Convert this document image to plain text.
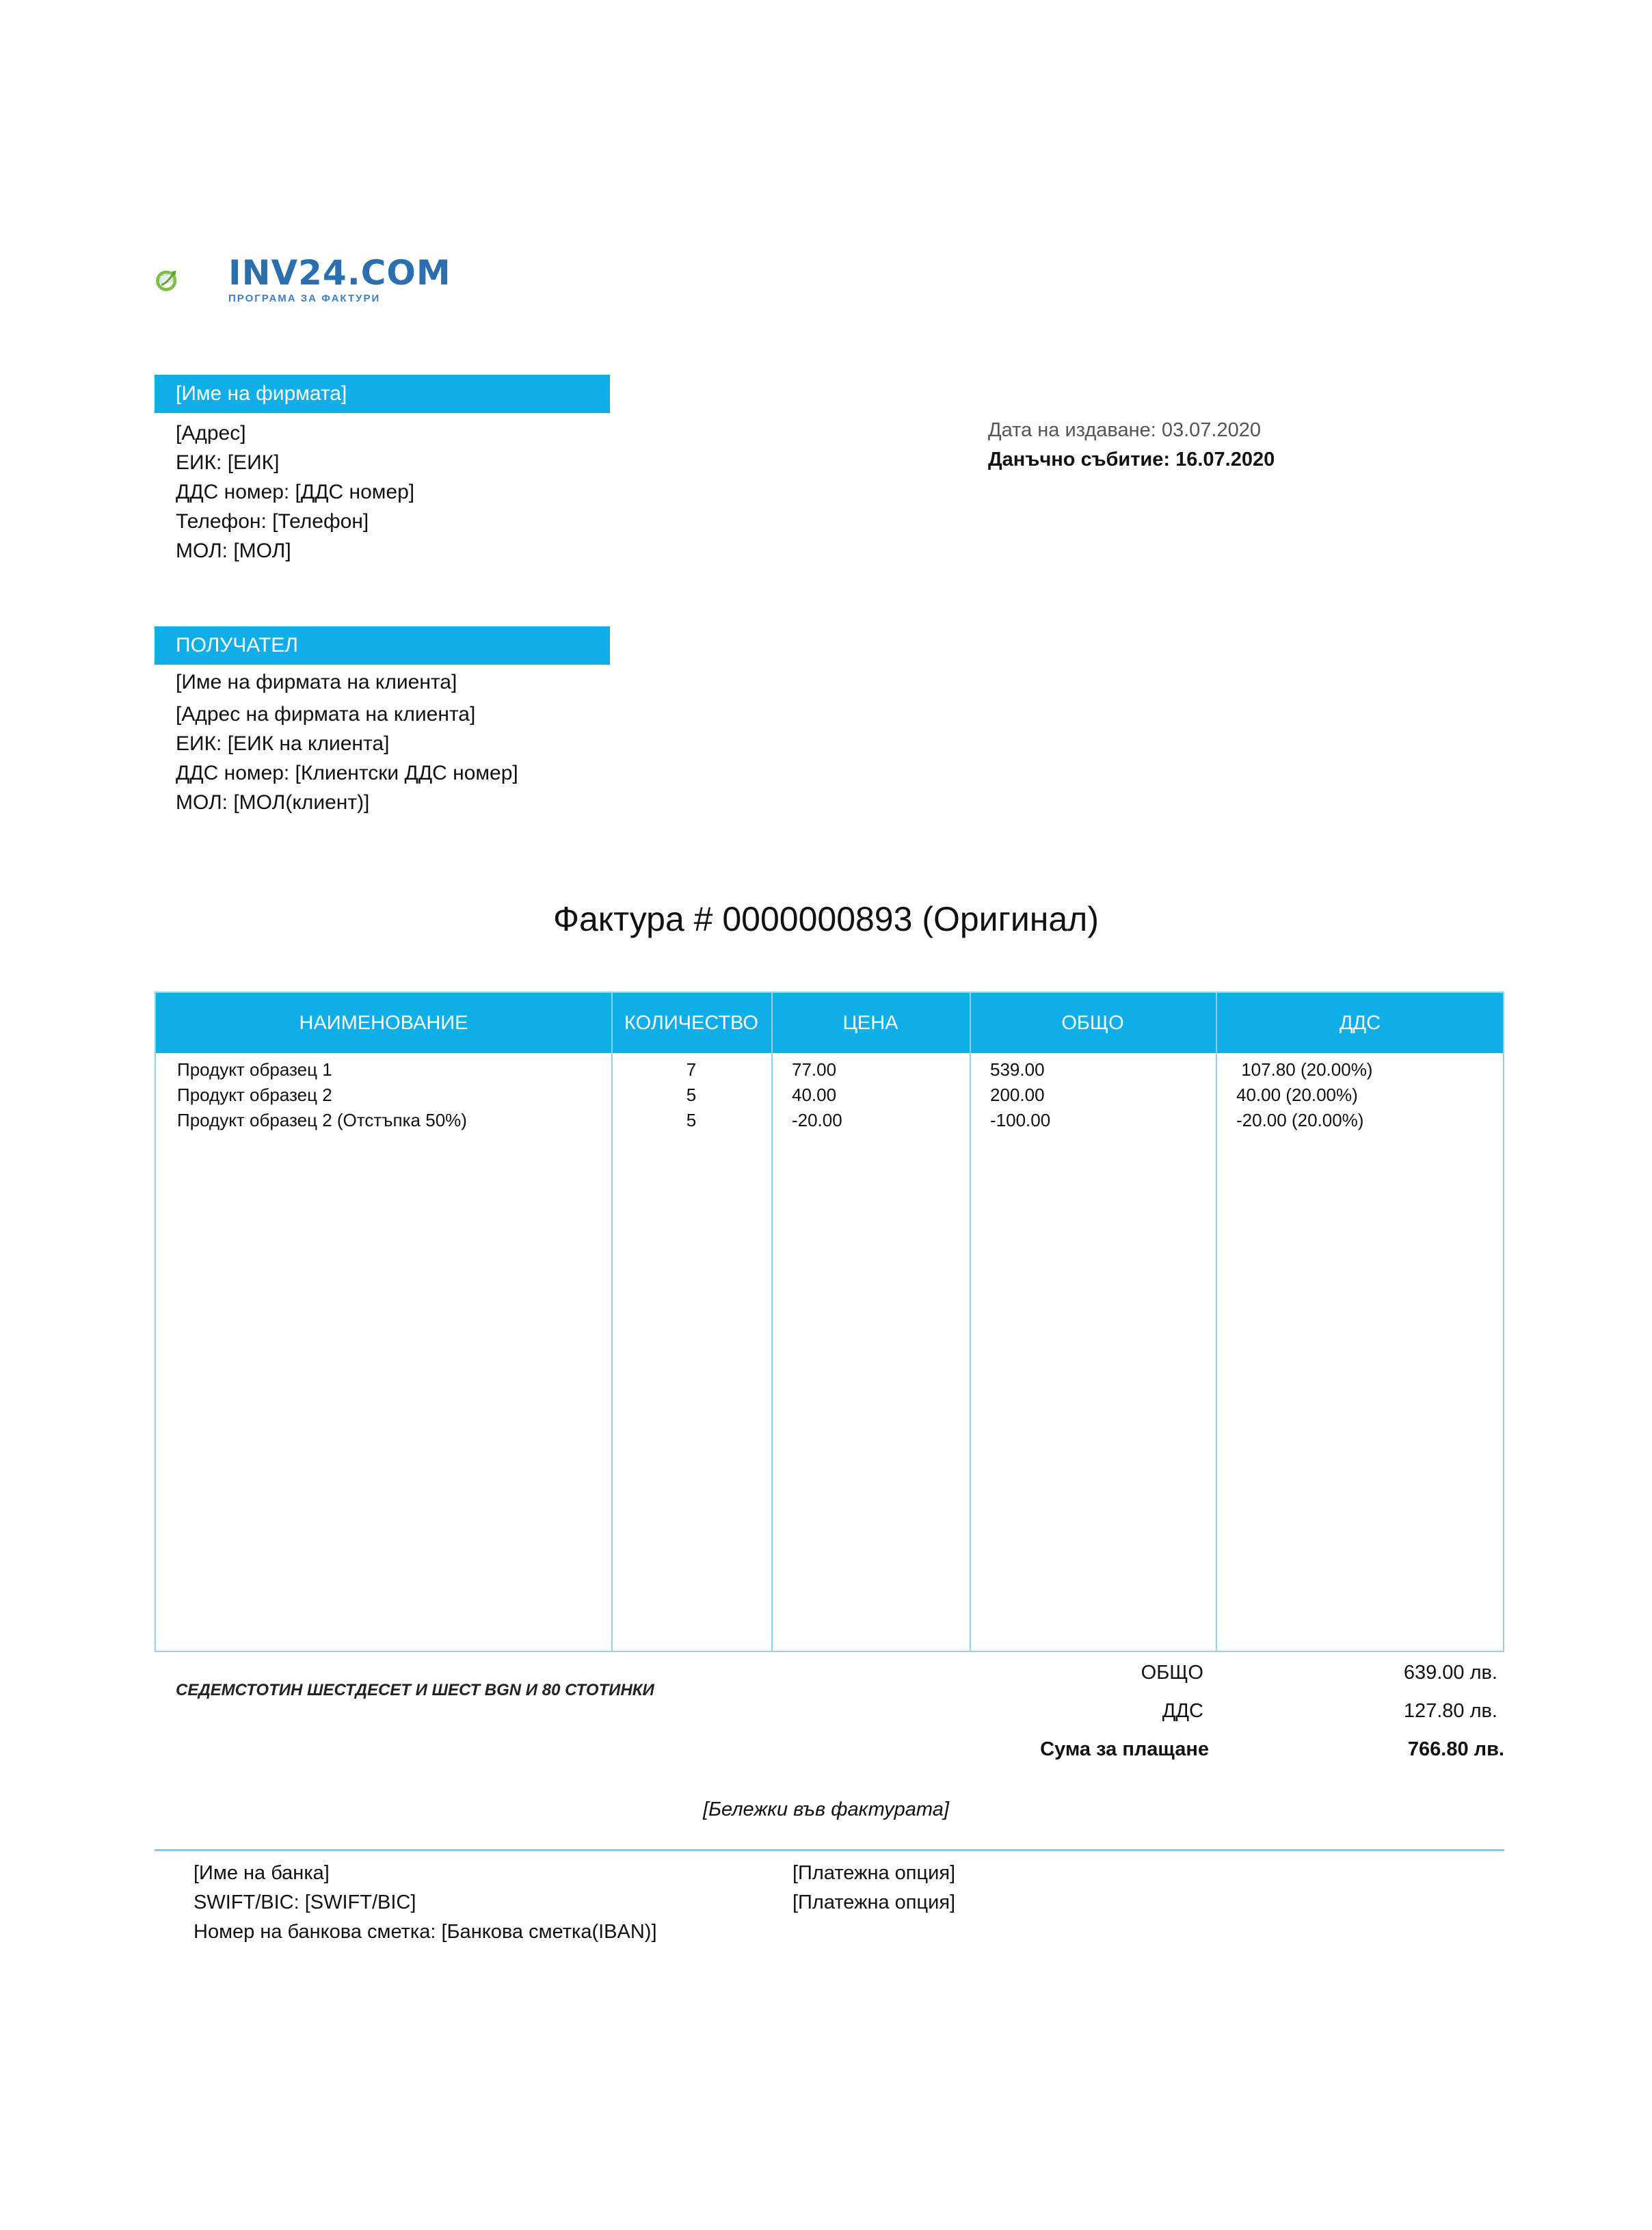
INV24.COM
ПРОГРАМА ЗА ФАКТУРИ
[Име на фирмата]
[Адрес]
ЕИК: [ЕИК]
ДДС номер: [ДДС номер]
Телефон: [Телефон]
МОЛ: [МОЛ]
Дата на издаване: 03.07.2020
Данъчно събитие: 16.07.2020
ПОЛУЧАТЕЛ
[Име на фирмата на клиента]
[Адрес на фирмата на клиента]
ЕИК: [ЕИК на клиента]
ДДС номер: [Клиентски ДДС номер]
МОЛ: [МОЛ(клиент)]
Фактура # 0000000893 (Оригинал)
НАИМЕНОВАНИЕ	КОЛИЧЕСТВО	ЦЕНА	ОБЩО	ДДС
Продукт образец 1	7	77.00	539.00	107.80 (20.00%)
Продукт образец 2	5	40.00	200.00	40.00 (20.00%)
Продукт образец 2 (Отстъпка 50%)	5	-20.00	-100.00	-20.00 (20.00%)
СЕДЕМСТОТИН ШЕСТДЕСЕТ И ШЕСТ BGN И 80 СТОТИНКИ
ОБЩО	639.00 лв.
ДДС	127.80 лв.
Сума за плащане	766.80 лв.
[Бележки във фактурата]
[Име на банка]
SWIFT/BIC: [SWIFT/BIC]
Номер на банкова сметка: [Банкова сметка(IBAN)]
[Платежна опция]
[Платежна опция]
